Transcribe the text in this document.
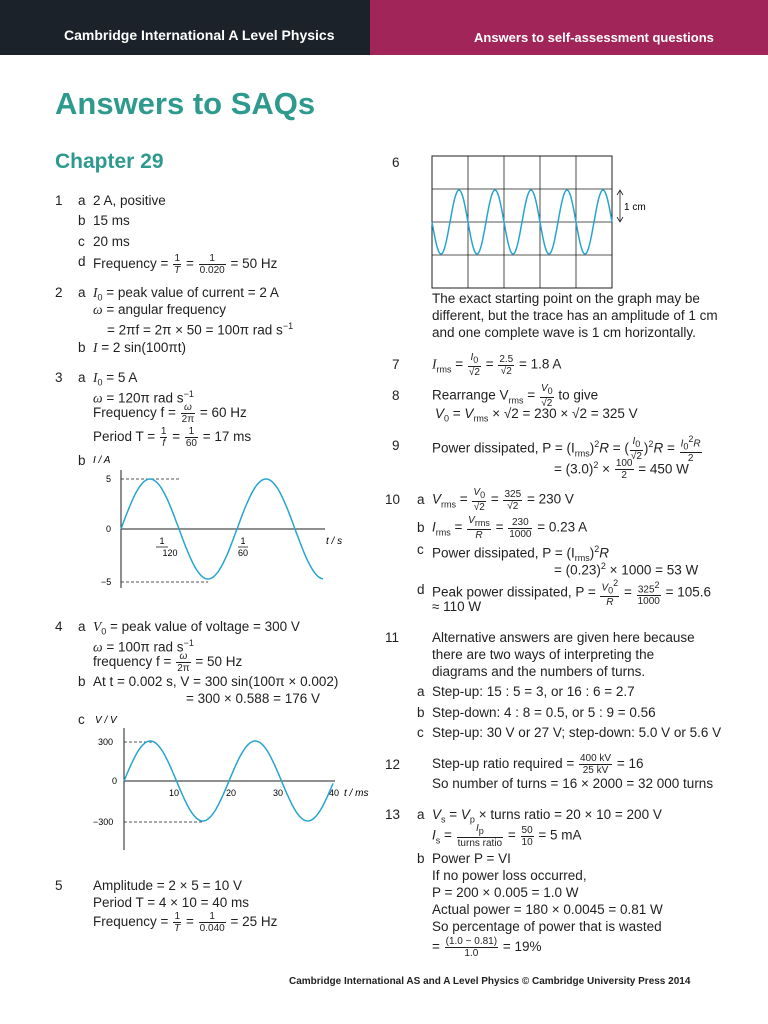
Cambridge International A Level Physics	Answers to self-assessment questions
Answers to SAQs
Chapter 29
1 a 2 A, positive
b 15 ms
c 20 ms
d Frequency = $\frac{1}{T} = \frac{1}{0.020} = 50$ Hz
2 a $I_0$ = peak value of current = 2 A
ω = angular frequency
= 2πf = 2π × 50 = 100π rad $s^{-1}$
b I = 2 sin(100πt)
3 a $I_0 = 5$ A
ω = 120π rad $s^{-1}$
Frequency $f = \frac{\omega}{2\pi} = 60$ Hz
Period $T = \frac{1}{f} = \frac{1}{60} = 17$ ms
b I / A
5
0
−5
1
120
1
60
t / s
4 a $V_0$ = peak value of voltage = 300 V
ω = 100π rad $s^{-1}$
frequency $f = \frac{\omega}{2\pi} = 50$ Hz
b At t = 0.002 s, V = 300 sin(100π × 0.002)
= 300 × 0.588 = 176 V
c V / V
300
0
−300
10	20	30	40 t / ms
5 Amplitude = 2 × 5 = 10 V
Period T = 4 × 10 = 40 ms
Frequency = $\frac{1}{T} = \frac{1}{0.040} = 25$ Hz
6
1 cm
The exact starting point on the graph may be
different, but the trace has an amplitude of 1 cm
and one complete wave is 1 cm horizontally.
7 $I_{rms} = \frac{I_0}{√2} = \frac{2.5}{√2} = 1.8$ A
8 Rearrange $V_{rms} = \frac{V_0}{√2}$ to give
$V_0 = V_{rms} \times √2 = 230 \times √2 = 325$ V
9 Power dissipated, $P = (I_{rms})^2R$ = ( $\frac{I_0}{√2} )^2R = \frac{I_0^2R}{2}$
= $(3.0)^2 \times \frac{100}{2} = 450$ W
10 a $V_{rms} = \frac{V_0}{√2} = \frac{325}{√2} = 230$ V
b $I_{rms} = V_{rms}$
R
= $\frac{230}{1000} = 0.23$ A
c Power dissipated, $P = (I_{rms})^2R$
= $(0.23)^2 \times 1000 = 53$ W
d Peak power dissipated, $P = \frac{V_0^2}{R} = \frac{325^2}{1000} = 105.6$
≈ 110 W
11 Alternative answers are given here because
there are two ways of interpreting the
diagrams and the numbers of turns.
a Step-up: 15 : 5 = 3, or 16 : 6 = 2.7
b Step-down: 4 : 8 = 0.5, or 5 : 9 = 0.56
c Step-up: 30 V or 27 V; step-down: 5.0 V or 5.6 V
12 Step-up ratio required = $\frac{400 kV}{25 kV} = 16$
So number of turns = 16 × 2000 = 32 000 turns
13 a $V_s = V_p$ × turns ratio = 20 × 10 = 200 V
$I_s$ =	$I_p$
turns ratio
= $\frac{50}{10} = 5$ mA
b Power P = VI
If no power loss occurred,
P = 200 × 0.005 = 1.0 W
Actual power = 180 × 0.0045 = 0.81 W
So percentage of power that is wasted
= $\frac{(1.0 - 0.81)}{1.0} = 19\%$
Cambridge International AS and A Level Physics © Cambridge University Press 2014
